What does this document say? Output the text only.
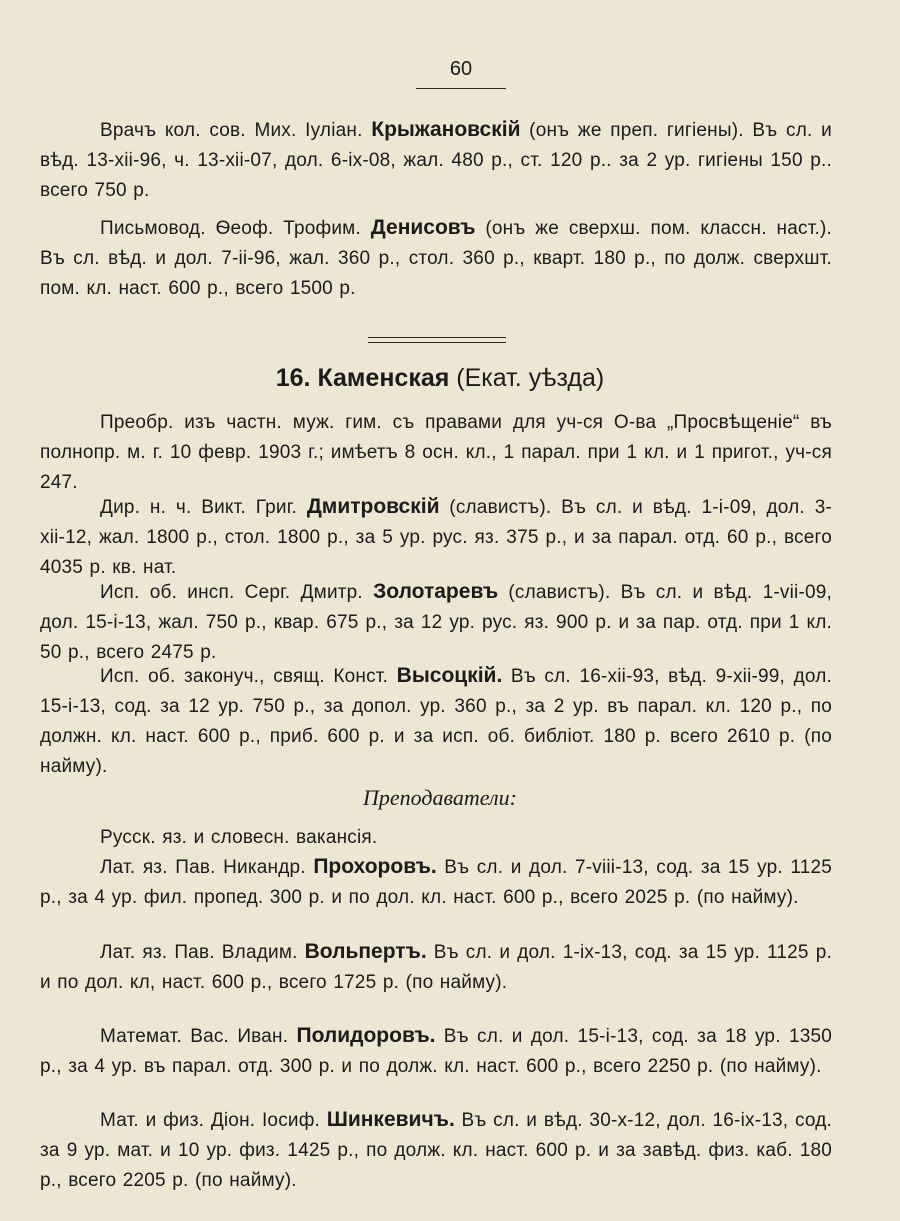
60

Врачъ кол. сов. Мих. Іуліан. Крыжановскій (онъ же преп. гигіены). Въ сл. и вѣд. 13-хіі-96, ч. 13-хіі-07, дол. 6-іх-08, жал. 480 р., ст. 120 р.. за 2 ур. гигіены 150 р.. всего 750 р.

Письмовод. Ѳеоф. Трофим. Денисовъ (онъ же сверхш. пом. классн. наст.). Въ сл. вѣд. и дол. 7-іі-96, жал. 360 р., стол. 360 р., кварт. 180 р., по долж. сверхшт. пом. кл. наст. 600 р., всего 1500 р.

16. Каменская (Екат. уѣзда)

Преобр. изъ частн. муж. гим. съ правами для уч-ся О-ва „Просвѣщеніе“ въ полнопр. м. г. 10 февр. 1903 г.; имѣетъ 8 осн. кл., 1 парал. при 1 кл. и 1 пригот., уч-ся 247.

Дир. н. ч. Викт. Григ. Дмитровскій (славистъ). Въ сл. и вѣд. 1-і-09, дол. 3-хіі-12, жал. 1800 р., стол. 1800 р., за 5 ур. рус. яз. 375 р., и за парал. отд. 60 р., всего 4035 р. кв. нат.

Исп. об. инсп. Серг. Дмитр. Золотаревъ (славистъ). Въ сл. и вѣд. 1-vіі-09, дол. 15-і-13, жал. 750 р., квар. 675 р., за 12 ур. рус. яз. 900 р. и за пар. отд. при 1 кл. 50 р., всего 2475 р.

Исп. об. законуч., свящ. Конст. Высоцкій. Въ сл. 16-хіі-93, вѣд. 9-хіі-99, дол. 15-і-13, сод. за 12 ур. 750 р., за допол. ур. 360 р., за 2 ур. въ парал. кл. 120 р., по должн. кл. наст. 600 р., приб. 600 р. и за исп. об. библіот. 180 р. всего 2610 р. (по найму).

Преподаватели:

Русск. яз. и словесн. вакансія.

Лат. яз. Пав. Никандр. Прохоровъ. Въ сл. и дол. 7-vііі-13, сод. за 15 ур. 1125 р., за 4 ур. фил. пропед. 300 р. и по дол. кл. наст. 600 р., всего 2025 р. (по найму).

Лат. яз. Пав. Владим. Вольпертъ. Въ сл. и дол. 1-іх-13, сод. за 15 ур. 1125 р. и по дол. кл, наст. 600 р., всего 1725 р. (по найму).

Математ. Вас. Иван. Полидоровъ. Въ сл. и дол. 15-і-13, сод. за 18 ур. 1350 р., за 4 ур. въ парал. отд. 300 р. и по долж. кл. наст. 600 р., всего 2250 р. (по найму).

Мат. и физ. Діон. Іосиф. Шинкевичъ. Въ сл. и вѣд. 30-х-12, дол. 16-іх-13, сод. за 9 ур. мат. и 10 ур. физ. 1425 р., по долж. кл. наст. 600 р. и за завѣд. физ. каб. 180 р., всего 2205 р. (по найму).
